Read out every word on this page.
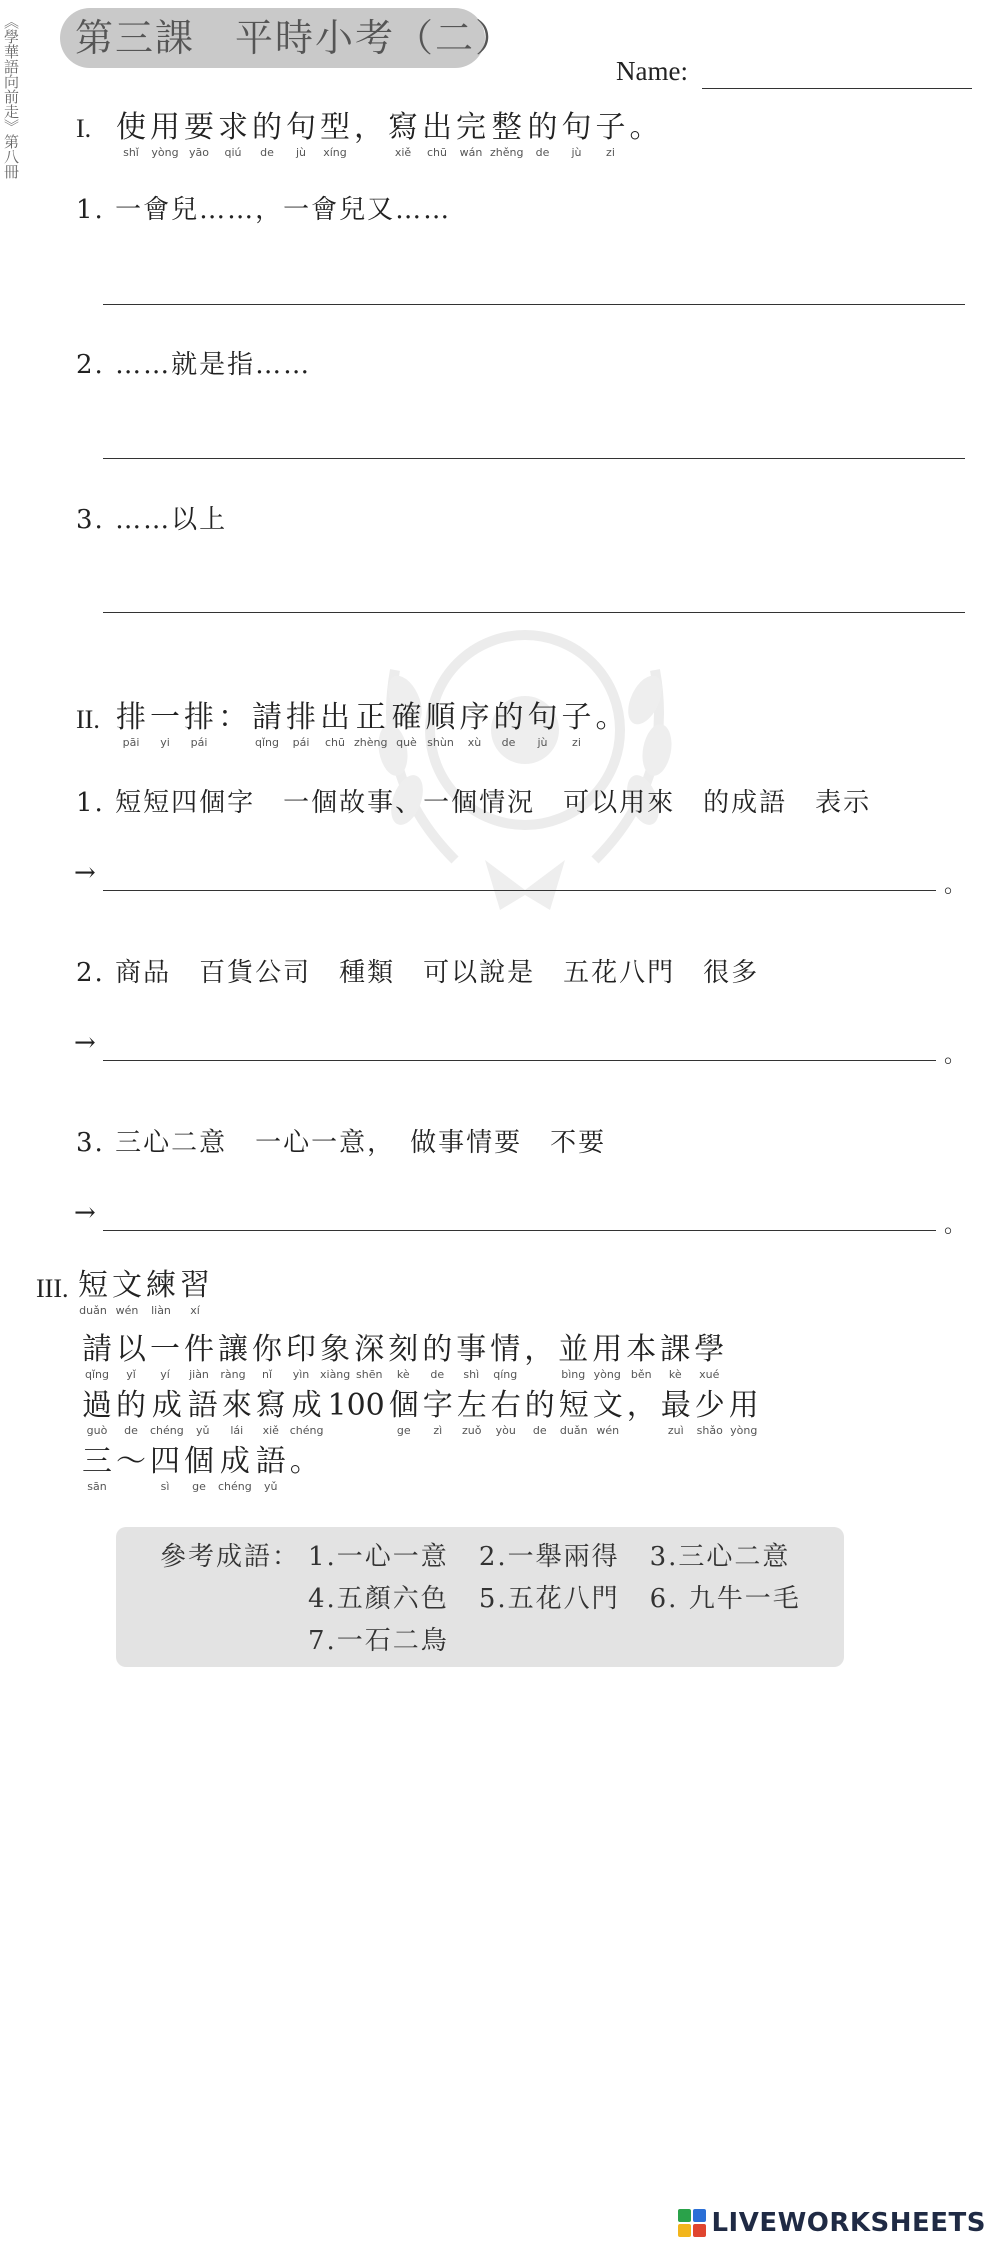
《學華語向前走》第八冊 第三課　平時小考（二）
Name:
I. 使
shǐ
用
yòng
要
yāo
求
qiú
的
de
句
jù
型
xíng
， 寫
xiě
出
chū
完
wán
整
zhěng
的
de
句
jù
子
zi
。
1. 一會兒……，一會兒又……
2. ……就是指……
3. ……以上
II. 排
pāi
一
yi
排
pái
： 請
qǐng
排
pái
出
chū
正
zhèng
確
què
順
shùn
序
xù
的
de
句
jù
子
zi
。
1. 短短四個字　一個故事、一個情況　可以用來　的成語　表示
→	。
2. 商品　百貨公司　種類　可以說是　五花八門　很多
→	。
3. 三心二意　一心一意，　做事情要　不要
→	。
III. 短
duǎn
文
wén
練
liàn
習
xí
請
qǐng
以
yǐ
一
yí
件
jiàn
讓
ràng
你
nǐ
印
yìn
象
xiàng
深
shēn
刻
kè
的
de
事
shì
情
qíng
， 並
bìng
用
yòng
本
běn
課
kè
學
xué
過
guò
的
de
成
chéng
語
yǔ
來
lái
寫
xiě
成
chéng
100 個
ge
字
zì
左
zuǒ
右
yòu
的
de
短
duǎn
文
wén
， 最
zuì
少
shǎo
用
yòng
三
sān
～ 四
sì
個
ge
成
chéng
語
yǔ
。
參考成語： 1.一心一意 2.一舉兩得 3.三心二意
4.五顏六色 5.五花八門 6. 九牛一毛
7.一石二鳥
LIVEWORKSHEETS
